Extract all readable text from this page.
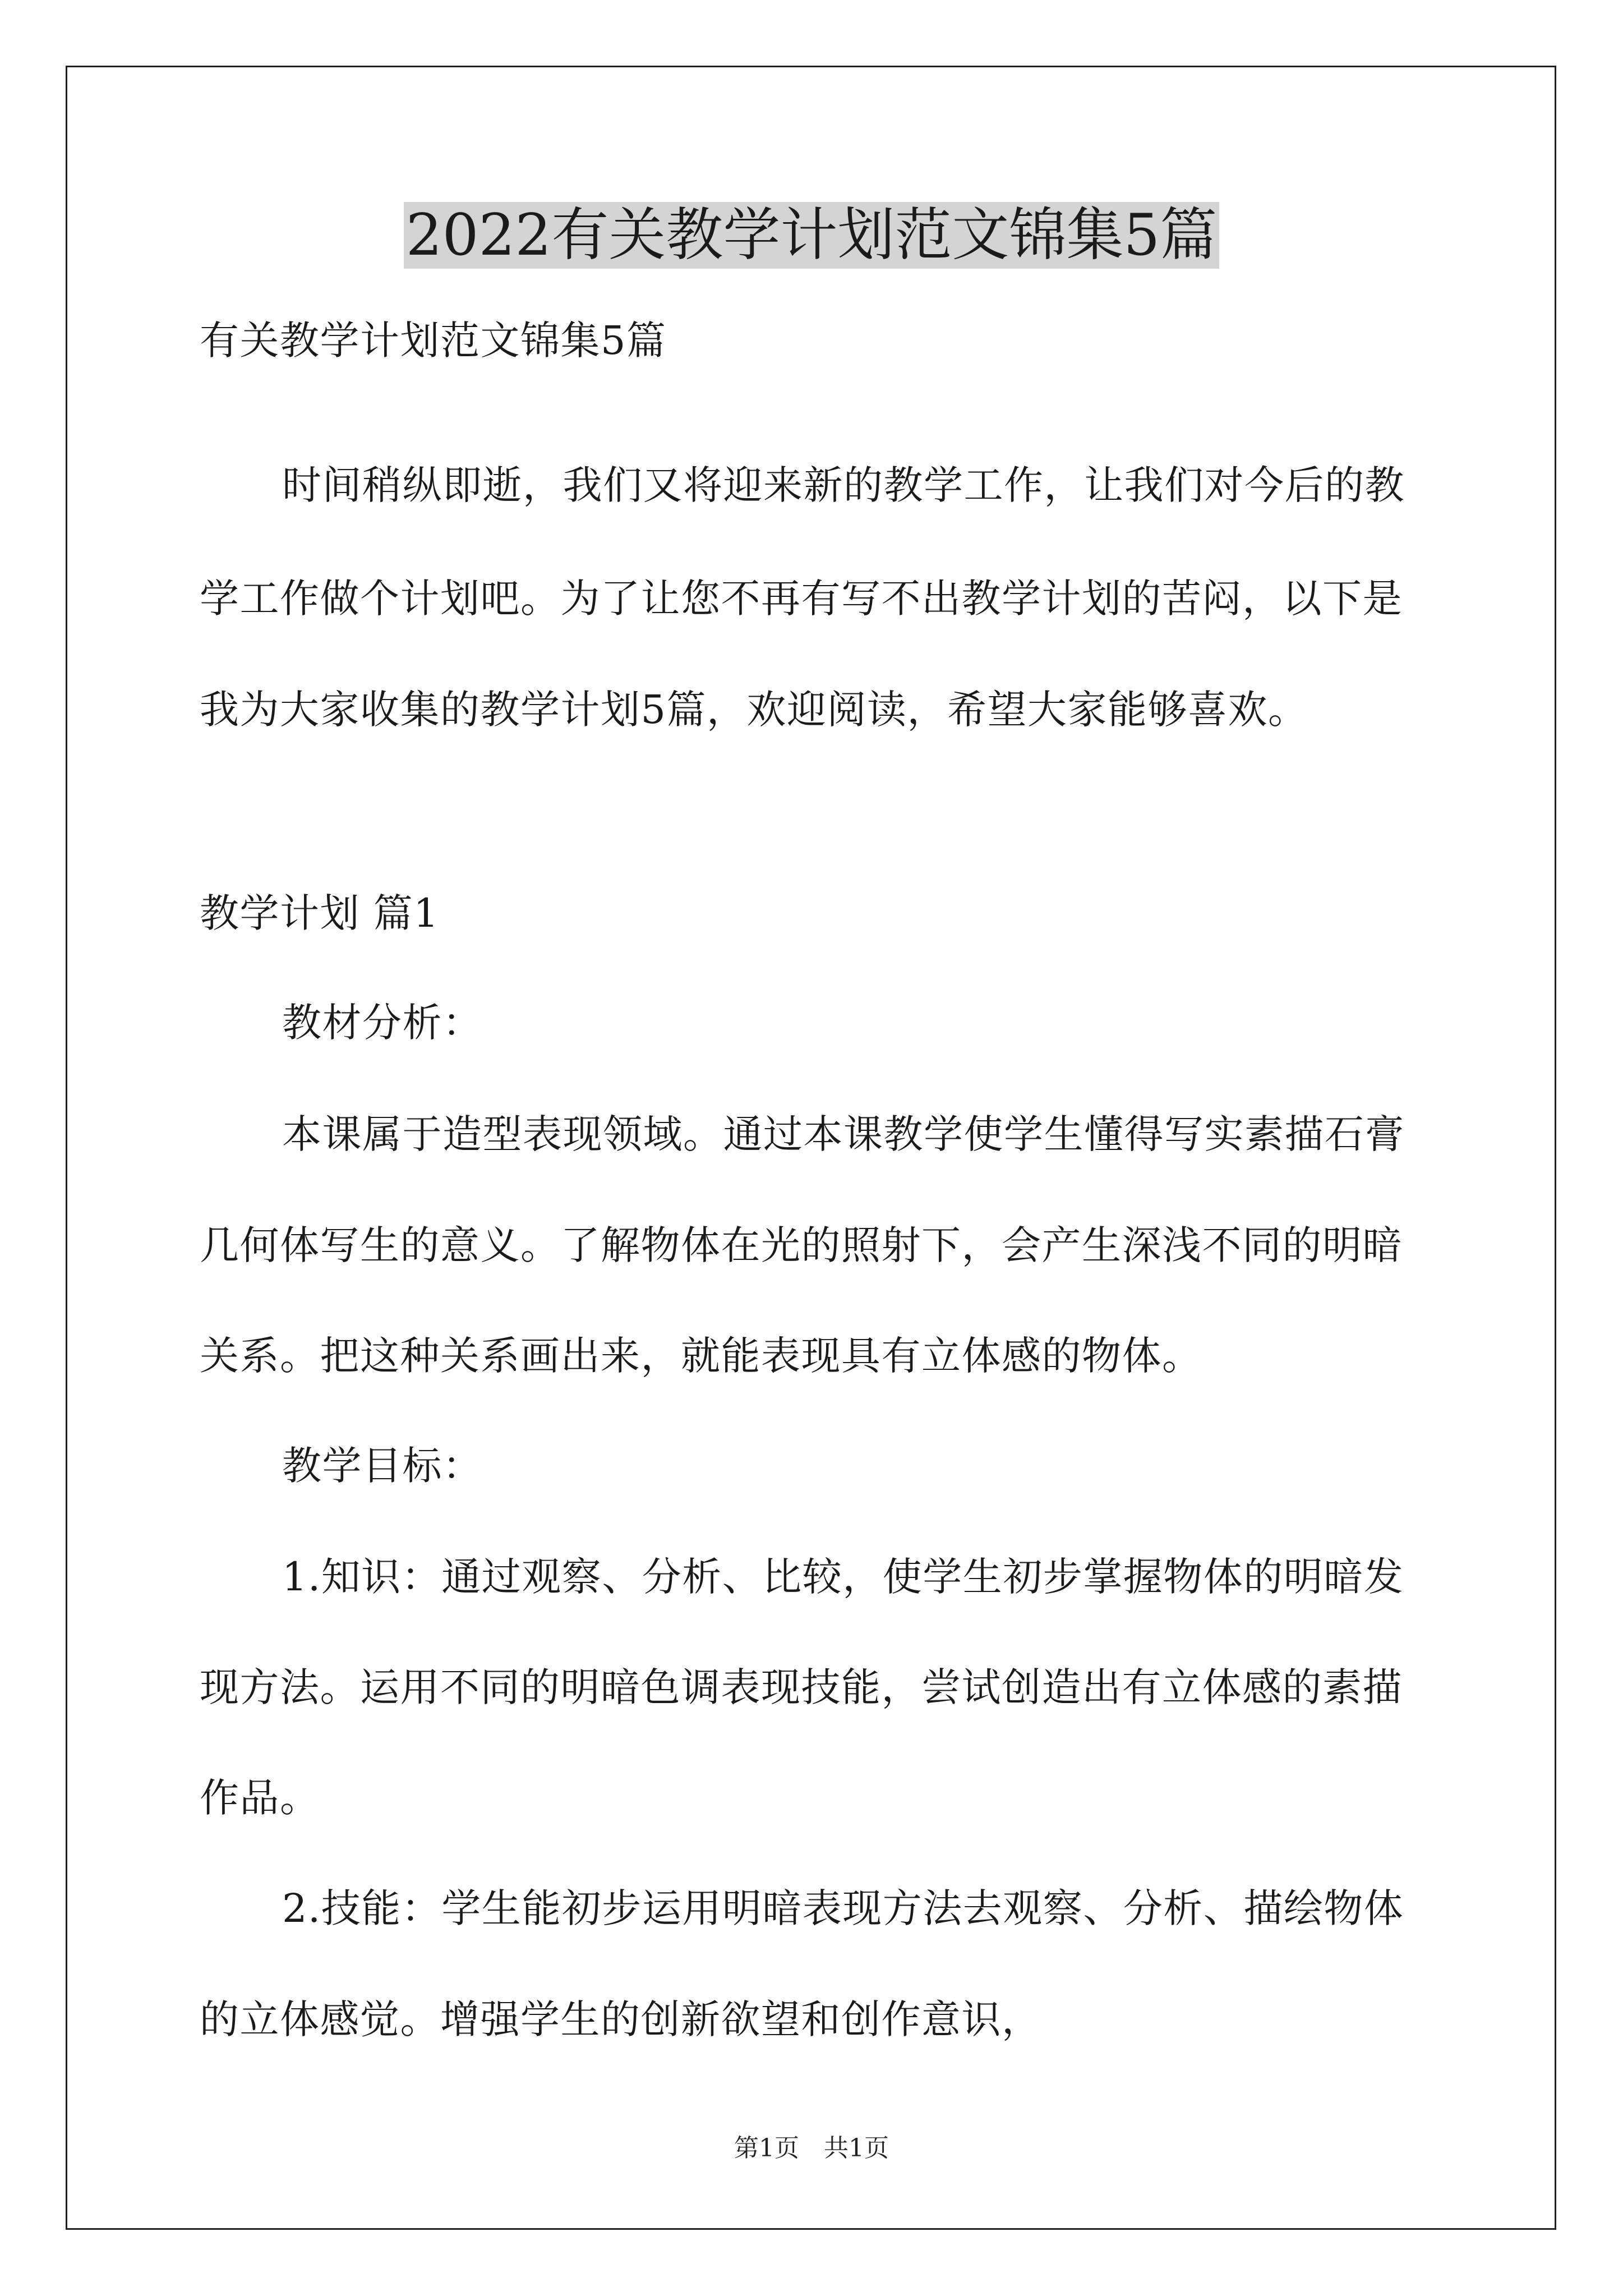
2022有关教学计划范文锦集5篇
有关教学计划范文锦集5篇
时间稍纵即逝，我们又将迎来新的教学工作，让我们对今后的教
学工作做个计划吧。为了让您不再有写不出教学计划的苦闷，以下是
我为大家收集的教学计划5篇，欢迎阅读，希望大家能够喜欢。
教学计划 篇1
教材分析：
本课属于造型表现领域。通过本课教学使学生懂得写实素描石膏
几何体写生的意义。了解物体在光的照射下，会产生深浅不同的明暗
关系。把这种关系画出来，就能表现具有立体感的物体。
教学目标：
1.知识：通过观察、分析、比较，使学生初步掌握物体的明暗发
现方法。运用不同的明暗色调表现技能，尝试创造出有立体感的素描
作品。
2.技能：学生能初步运用明暗表现方法去观察、分析、描绘物体
的立体感觉。增强学生的创新欲望和创作意识，
第1页 共1页
